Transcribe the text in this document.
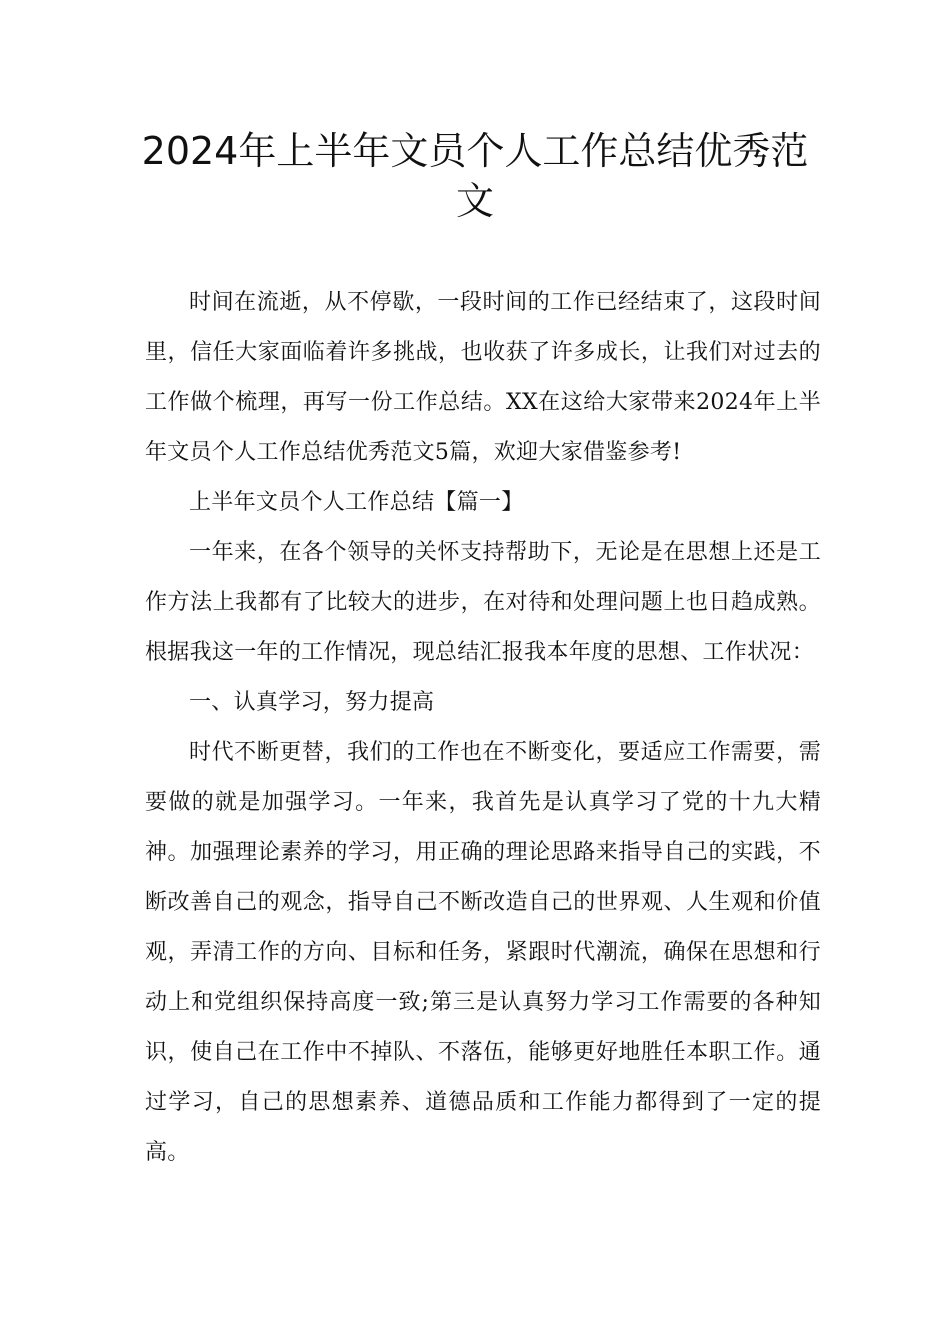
2024年上半年文员个人工作总结优秀范
文

时间在流逝，从不停歇，一段时间的工作已经结束了，这段时间里，信任大家面临着许多挑战，也收获了许多成长，让我们对过去的工作做个梳理，再写一份工作总结。XX在这给大家带来2024年上半年文员个人工作总结优秀范文5篇，欢迎大家借鉴参考!

上半年文员个人工作总结【篇一】

一年来，在各个领导的关怀支持帮助下，无论是在思想上还是工作方法上我都有了比较大的进步，在对待和处理问题上也日趋成熟。根据我这一年的工作情况，现总结汇报我本年度的思想、工作状况：

一、认真学习，努力提高

时代不断更替，我们的工作也在不断变化，要适应工作需要，需要做的就是加强学习。一年来，我首先是认真学习了党的十九大精神。加强理论素养的学习，用正确的理论思路来指导自己的实践，不断改善自己的观念，指导自己不断改造自己的世界观、人生观和价值观，弄清工作的方向、目标和任务，紧跟时代潮流，确保在思想和行动上和党组织保持高度一致;第三是认真努力学习工作需要的各种知识，使自己在工作中不掉队、不落伍，能够更好地胜任本职工作。通过学习，自己的思想素养、道德品质和工作能力都得到了一定的提高。
